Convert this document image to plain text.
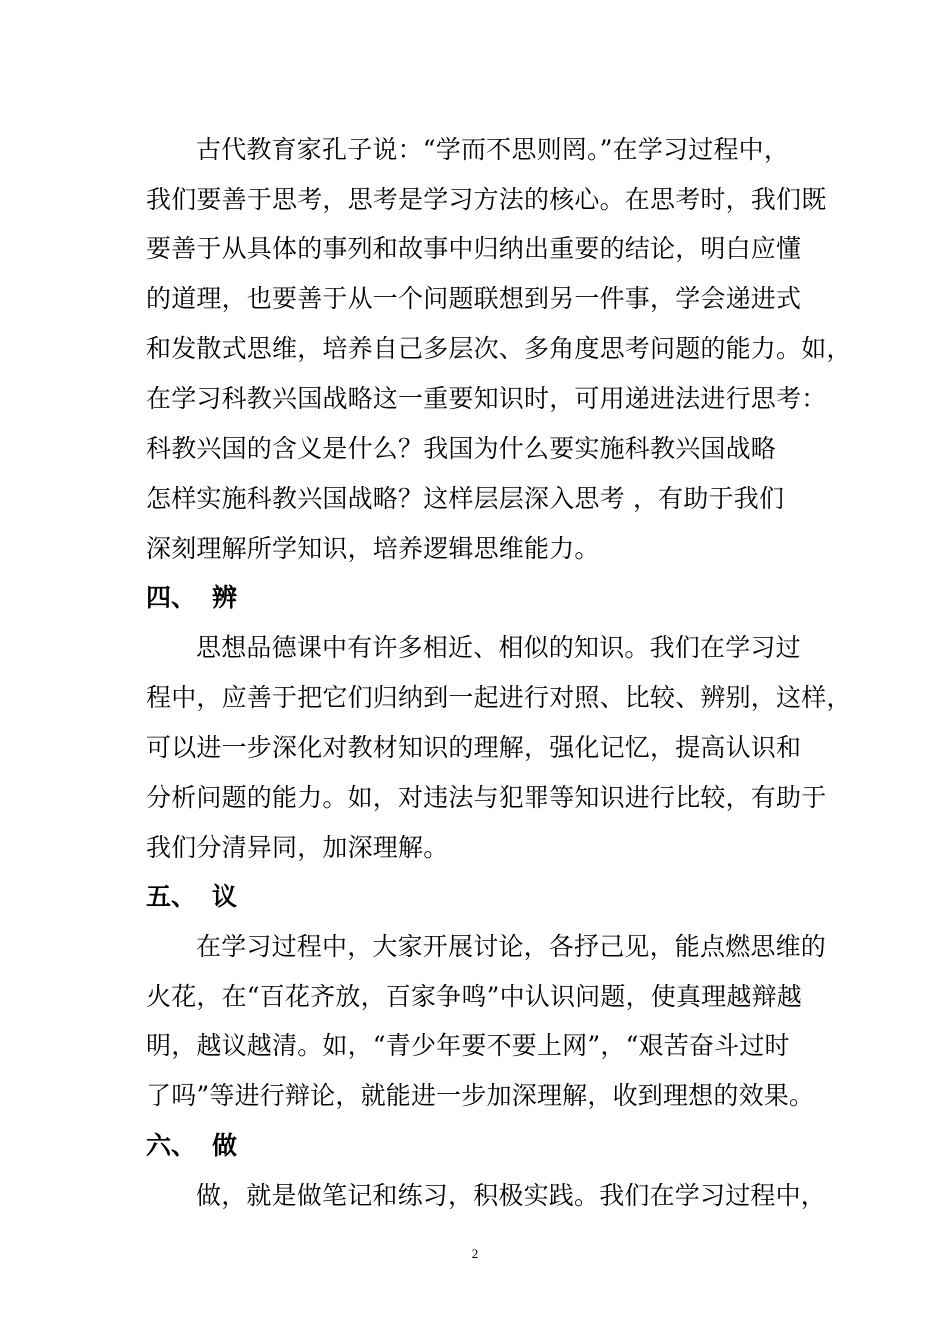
古代教育家孔子说：“学而不思则罔。”在学习过程中，
我们要善于思考，思考是学习方法的核心。在思考时，我们既
要善于从具体的事列和故事中归纳出重要的结论，明白应懂
的道理，也要善于从一个问题联想到另一件事，学会递进式
和发散式思维，培养自己多层次、多角度思考问题的能力。如，
在学习科教兴国战略这一重要知识时，可用递进法进行思考：
科教兴国的含义是什么？我国为什么要实施科教兴国战略
怎样实施科教兴国战略？这样层层深入思考 ，有助于我们
深刻理解所学知识，培养逻辑思维能力。
四、 辨
思想品德课中有许多相近、相似的知识。我们在学习过
程中，应善于把它们归纳到一起进行对照、比较、辨别，这样，
可以进一步深化对教材知识的理解，强化记忆，提高认识和
分析问题的能力。如，对违法与犯罪等知识进行比较，有助于
我们分清异同，加深理解。
五、 议
在学习过程中，大家开展讨论，各抒己见，能点燃思维的
火花，在“百花齐放，百家争鸣”中认识问题，使真理越辩越
明，越议越清。如，“青少年要不要上网”，“艰苦奋斗过时
了吗”等进行辩论，就能进一步加深理解，收到理想的效果。
六、 做
做，就是做笔记和练习，积极实践。我们在学习过程中，
2
